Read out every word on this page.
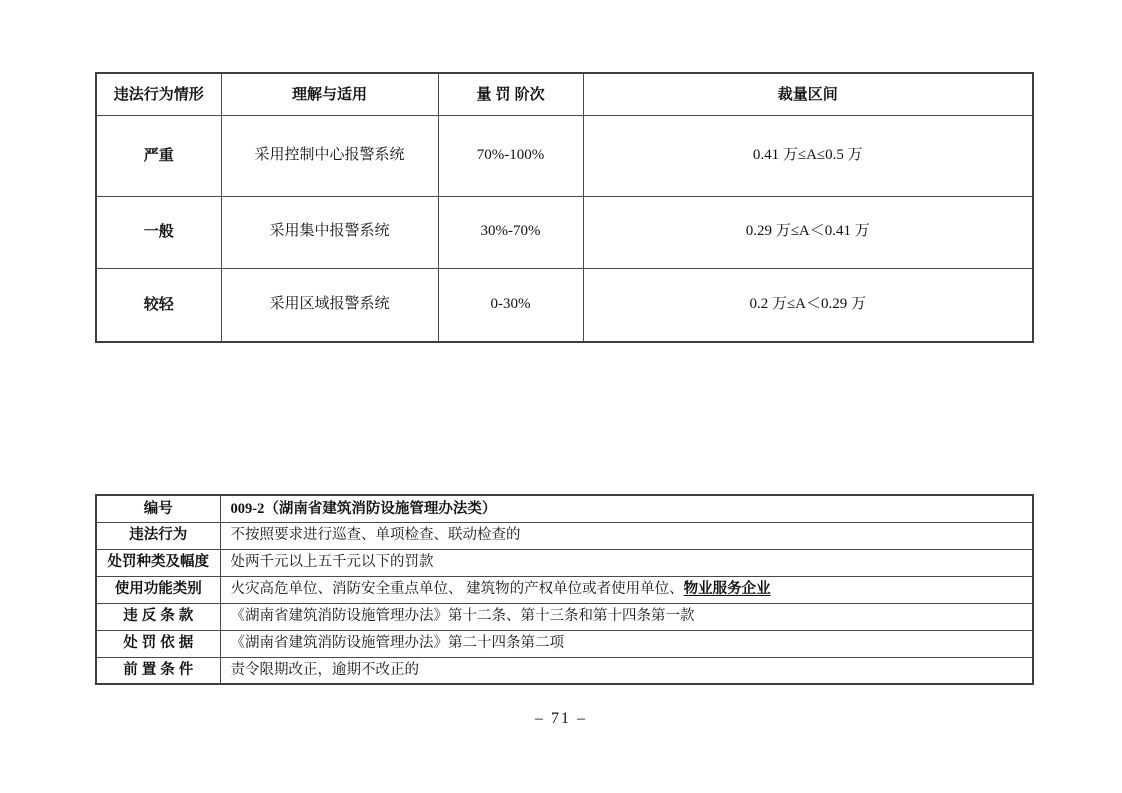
违法行为情形	理解与适用	量 罚 阶次	裁量区间
严重	采用控制中心报警系统	70%-100%	0.41 万≤A≤0.5 万
一般	采用集中报警系统	30%-70%	0.29 万≤A＜0.41 万
较轻	采用区域报警系统	0-30%	0.2 万≤A＜0.29 万
编号	009-2（湖南省建筑消防设施管理办法类）
违法行为	不按照要求进行巡查、单项检查、联动检查的
处罚种类及幅度	处两千元以上五千元以下的罚款
使用功能类别	火灾高危单位、消防安全重点单位、 建筑物的产权单位或者使用单位、物业服务企业
违 反 条 款	《湖南省建筑消防设施管理办法》第十二条、第十三条和第十四条第一款
处 罚 依 据	《湖南省建筑消防设施管理办法》第二十四条第二项
前 置 条 件	责令限期改正，逾期不改正的
– 71 –
